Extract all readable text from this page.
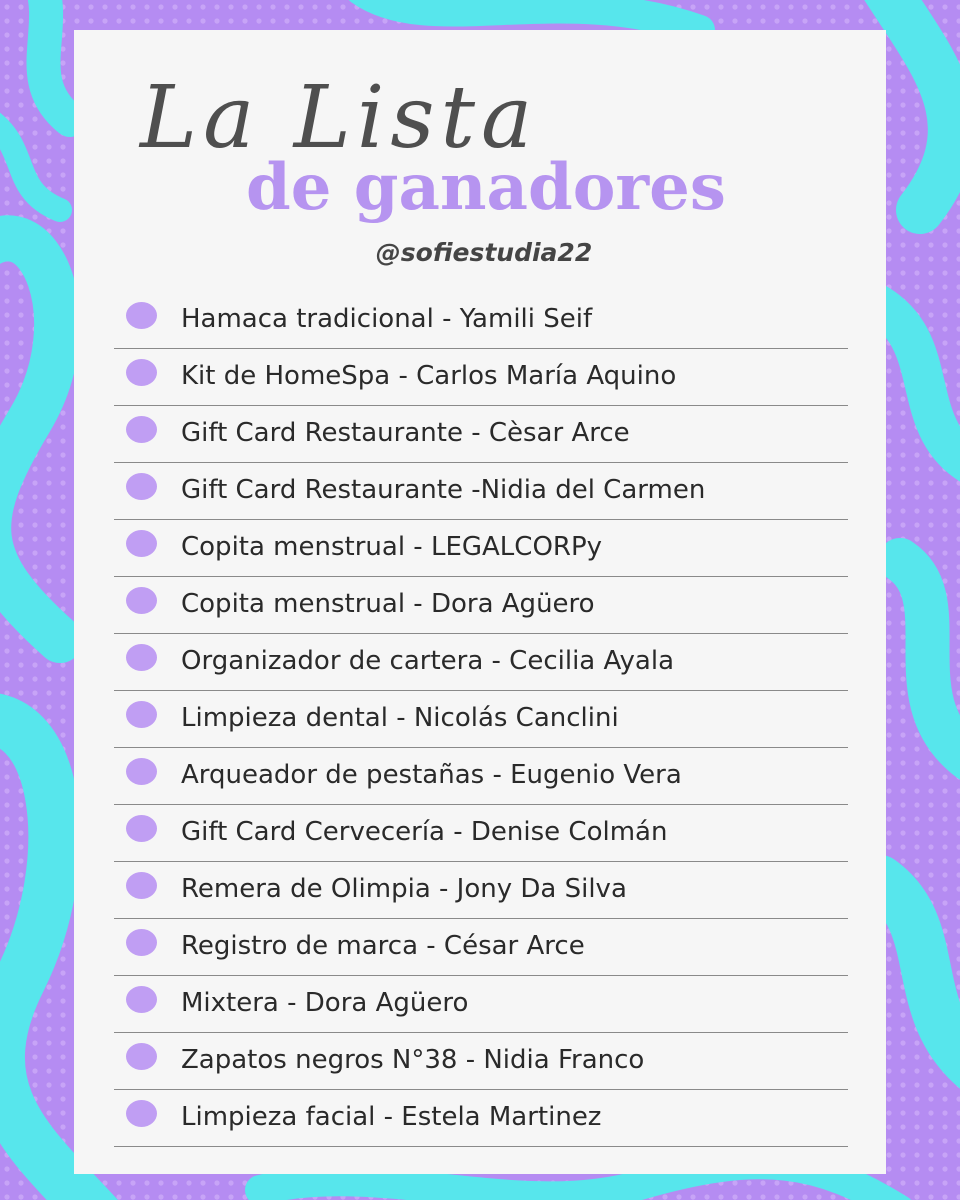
La Lista
de ganadores
@sofiestudia22
Hamaca tradicional - Yamili Seif
Kit de HomeSpa - Carlos María Aquino
Gift Card Restaurante - Cèsar Arce
Gift Card Restaurante -Nidia del Carmen
Copita menstrual - LEGALCORPy
Copita menstrual - Dora Agüero
Organizador de cartera - Cecilia Ayala
Limpieza dental - Nicolás Canclini
Arqueador de pestañas - Eugenio Vera
Gift Card Cervecería - Denise Colmán
Remera de Olimpia - Jony Da Silva
Registro de marca - César Arce
Mixtera - Dora Agüero
Zapatos negros N°38 - Nidia Franco
Limpieza facial - Estela Martinez
